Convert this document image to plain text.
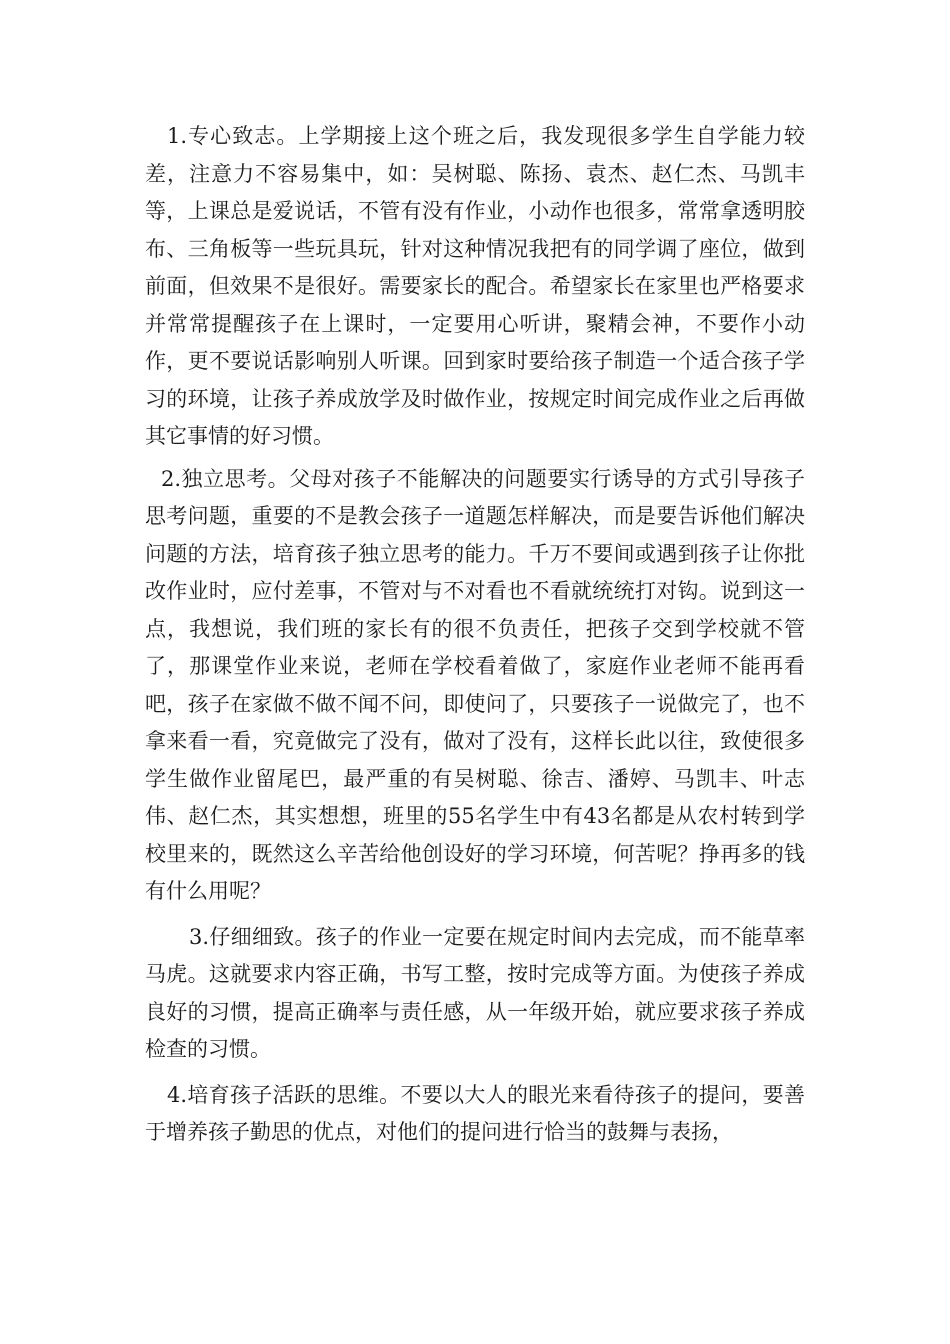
1.专心致志。上学期接上这个班之后，我发现很多学生自学能力较差，注意力不容易集中，如：吴树聪、陈扬、袁杰、赵仁杰、马凯丰等，上课总是爱说话，不管有没有作业，小动作也很多，常常拿透明胶布、三角板等一些玩具玩，针对这种情况我把有的同学调了座位，做到前面，但效果不是很好。需要家长的配合。希望家长在家里也严格要求并常常提醒孩子在上课时，一定要用心听讲，聚精会神，不要作小动作，更不要说话影响别人听课。回到家时要给孩子制造一个适合孩子学习的环境，让孩子养成放学及时做作业，按规定时间完成作业之后再做其它事情的好习惯。

2.独立思考。父母对孩子不能解决的问题要实行诱导的方式引导孩子思考问题，重要的不是教会孩子一道题怎样解决，而是要告诉他们解决问题的方法，培育孩子独立思考的能力。千万不要间或遇到孩子让你批改作业时，应付差事，不管对与不对看也不看就统统打对钩。说到这一点，我想说，我们班的家长有的很不负责任，把孩子交到学校就不管了，那课堂作业来说，老师在学校看着做了，家庭作业老师不能再看吧，孩子在家做不做不闻不问，即使问了，只要孩子一说做完了，也不拿来看一看，究竟做完了没有，做对了没有，这样长此以往，致使很多学生做作业留尾巴，最严重的有吴树聪、徐吉、潘婷、马凯丰、叶志伟、赵仁杰，其实想想，班里的55名学生中有43名都是从农村转到学校里来的，既然这么辛苦给他创设好的学习环境，何苦呢？挣再多的钱有什么用呢？

3.仔细细致。孩子的作业一定要在规定时间内去完成，而不能草率马虎。这就要求内容正确，书写工整，按时完成等方面。为使孩子养成良好的习惯，提高正确率与责任感，从一年级开始，就应要求孩子养成检查的习惯。

4.培育孩子活跃的思维。不要以大人的眼光来看待孩子的提问，要善于增养孩子勤思的优点，对他们的提问进行恰当的鼓舞与表扬，
